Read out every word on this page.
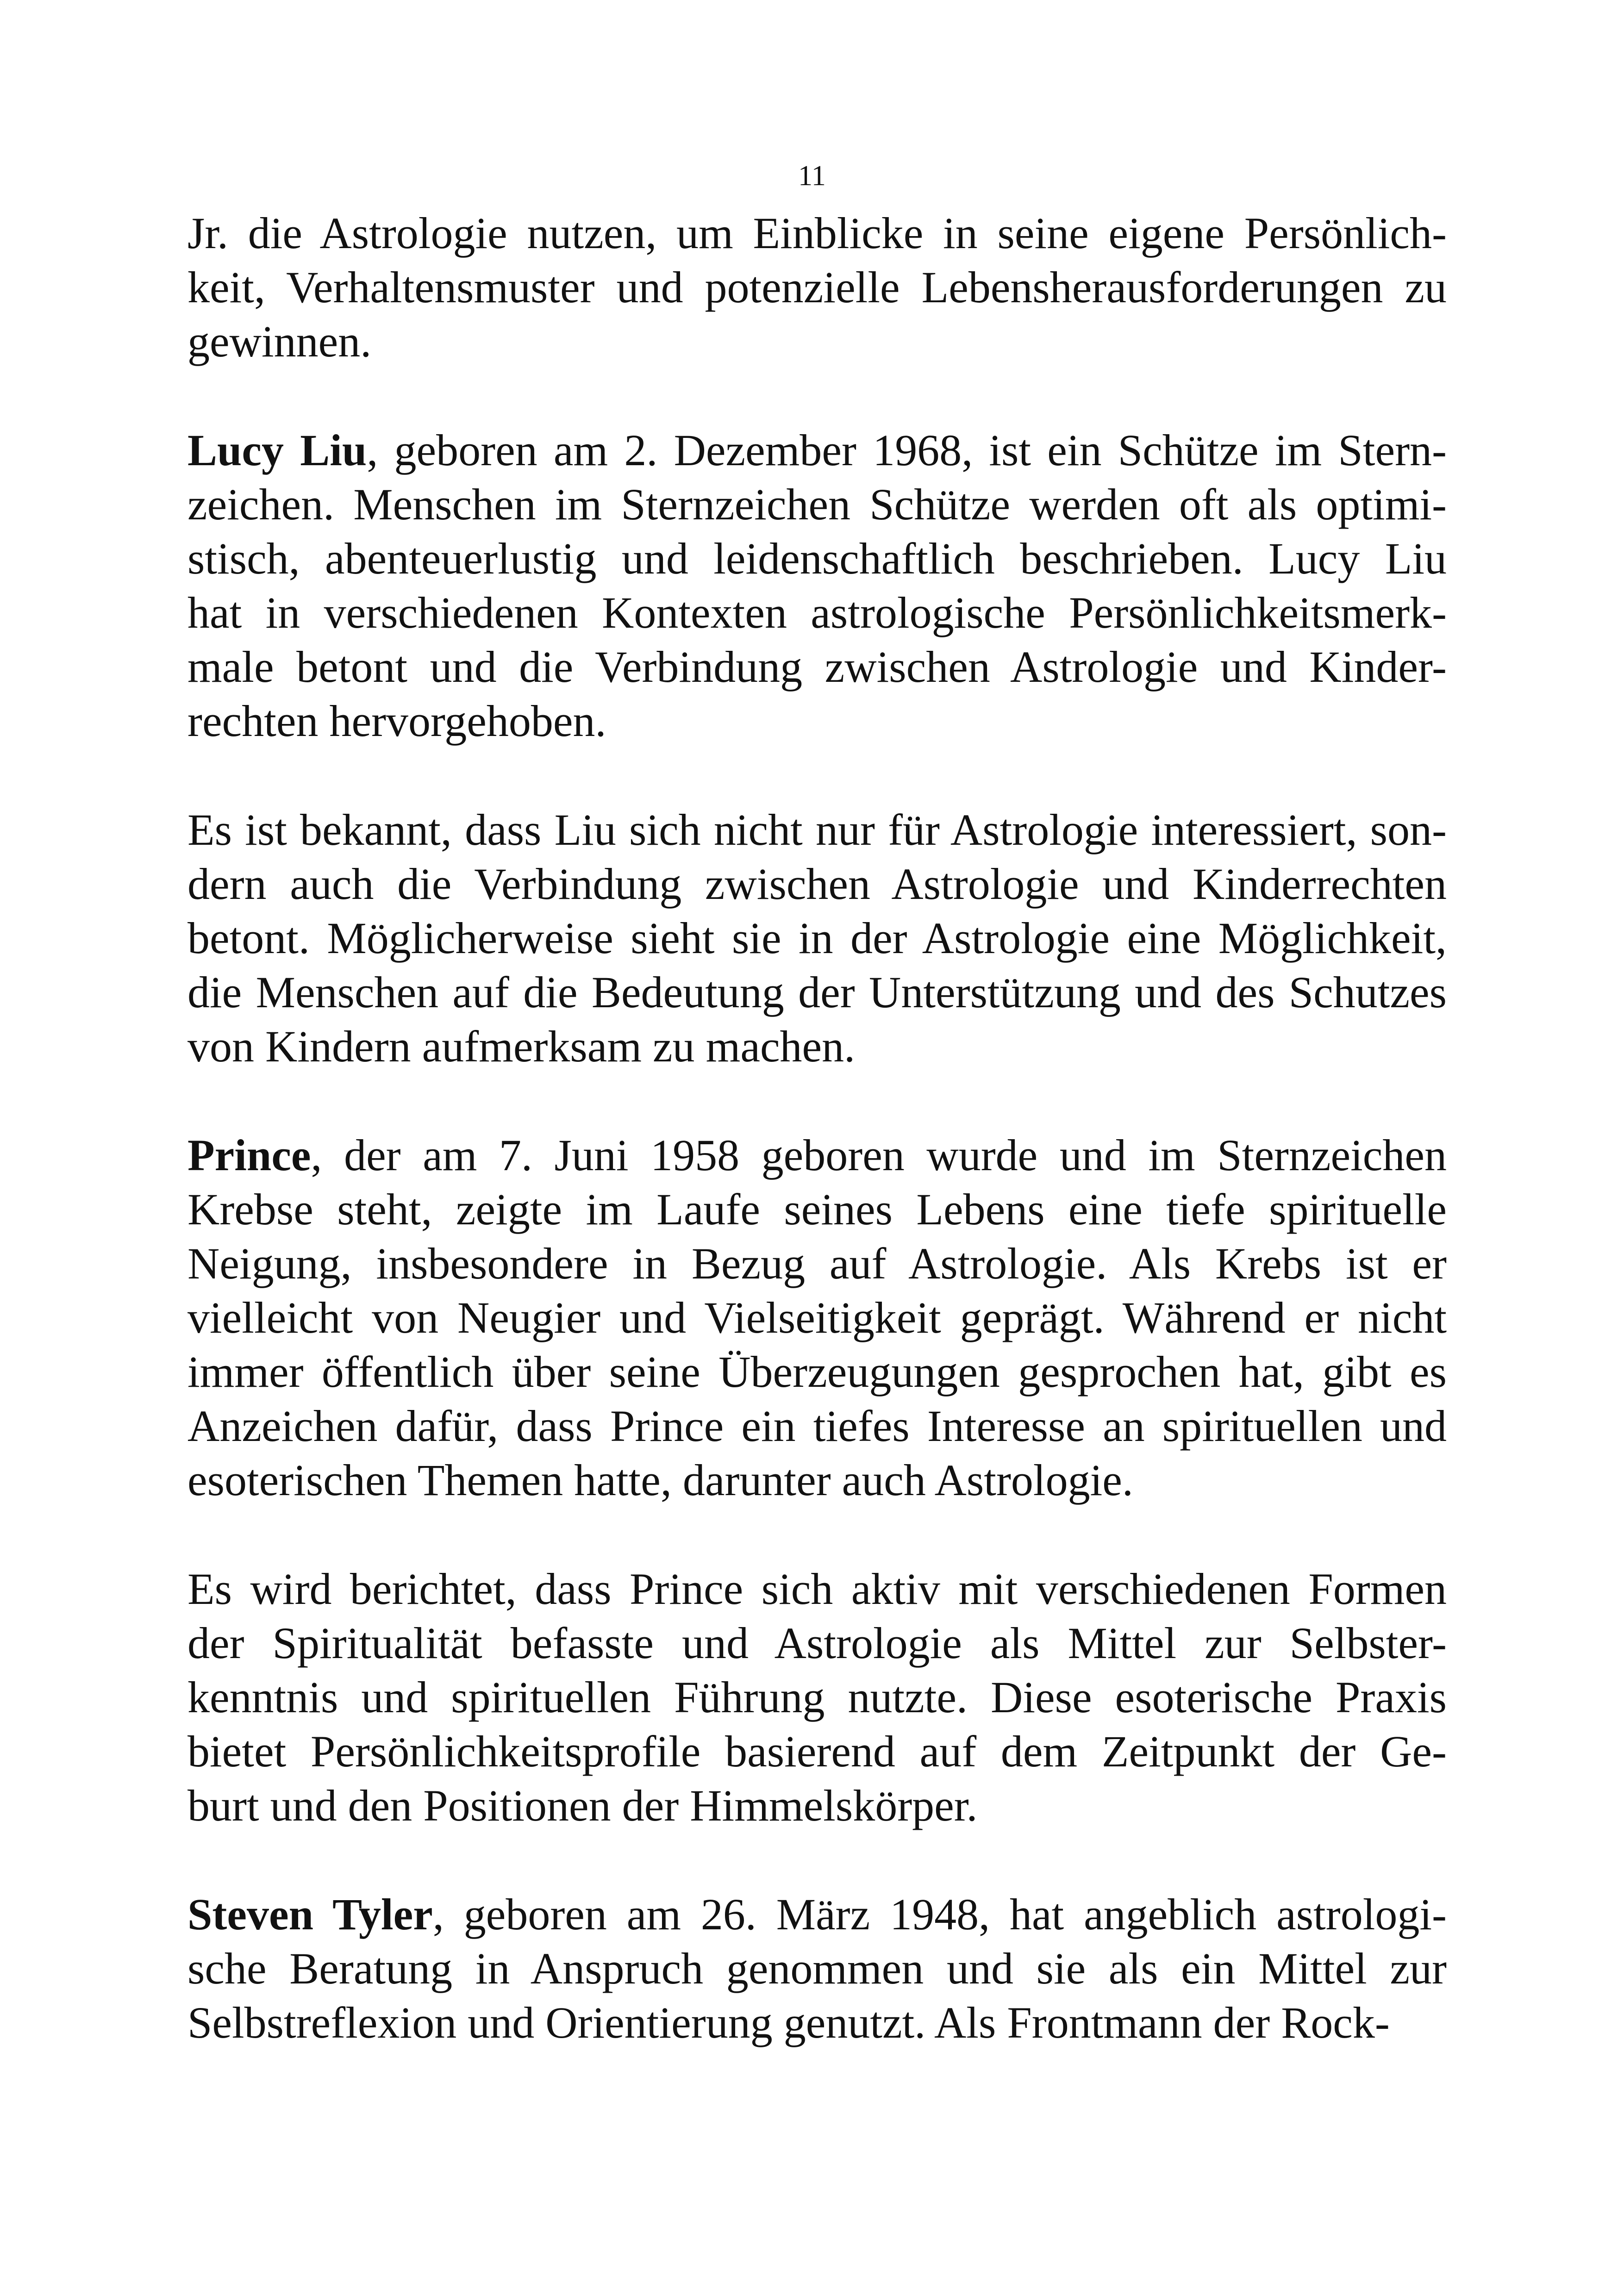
11
Jr. die Astrologie nutzen, um Einblicke in seine eigene Persönlich-
keit, Verhaltensmuster und potenzielle Lebensherausforderungen zu
gewinnen.
Lucy Liu, geboren am 2. Dezember 1968, ist ein Schütze im Stern-
zeichen. Menschen im Sternzeichen Schütze werden oft als optimi-
stisch, abenteuerlustig und leidenschaftlich beschrieben. Lucy Liu
hat in verschiedenen Kontexten astrologische Persönlichkeitsmerk-
male betont und die Verbindung zwischen Astrologie und Kinder-
rechten hervorgehoben.
Es ist bekannt, dass Liu sich nicht nur für Astrologie interessiert, son-
dern auch die Verbindung zwischen Astrologie und Kinderrechten
betont. Möglicherweise sieht sie in der Astrologie eine Möglichkeit,
die Menschen auf die Bedeutung der Unterstützung und des Schutzes
von Kindern aufmerksam zu machen.
Prince, der am 7. Juni 1958 geboren wurde und im Sternzeichen
Krebse steht, zeigte im Laufe seines Lebens eine tiefe spirituelle
Neigung, insbesondere in Bezug auf Astrologie. Als Krebs ist er
vielleicht von Neugier und Vielseitigkeit geprägt. Während er nicht
immer öffentlich über seine Überzeugungen gesprochen hat, gibt es
Anzeichen dafür, dass Prince ein tiefes Interesse an spirituellen und
esoterischen Themen hatte, darunter auch Astrologie.
Es wird berichtet, dass Prince sich aktiv mit verschiedenen Formen
der Spiritualität befasste und Astrologie als Mittel zur Selbster-
kenntnis und spirituellen Führung nutzte. Diese esoterische Praxis
bietet Persönlichkeitsprofile basierend auf dem Zeitpunkt der Ge-
burt und den Positionen der Himmelskörper.
Steven Tyler, geboren am 26. März 1948, hat angeblich astrologi-
sche Beratung in Anspruch genommen und sie als ein Mittel zur
Selbstreflexion und Orientierung genutzt. Als Frontmann der Rock-
